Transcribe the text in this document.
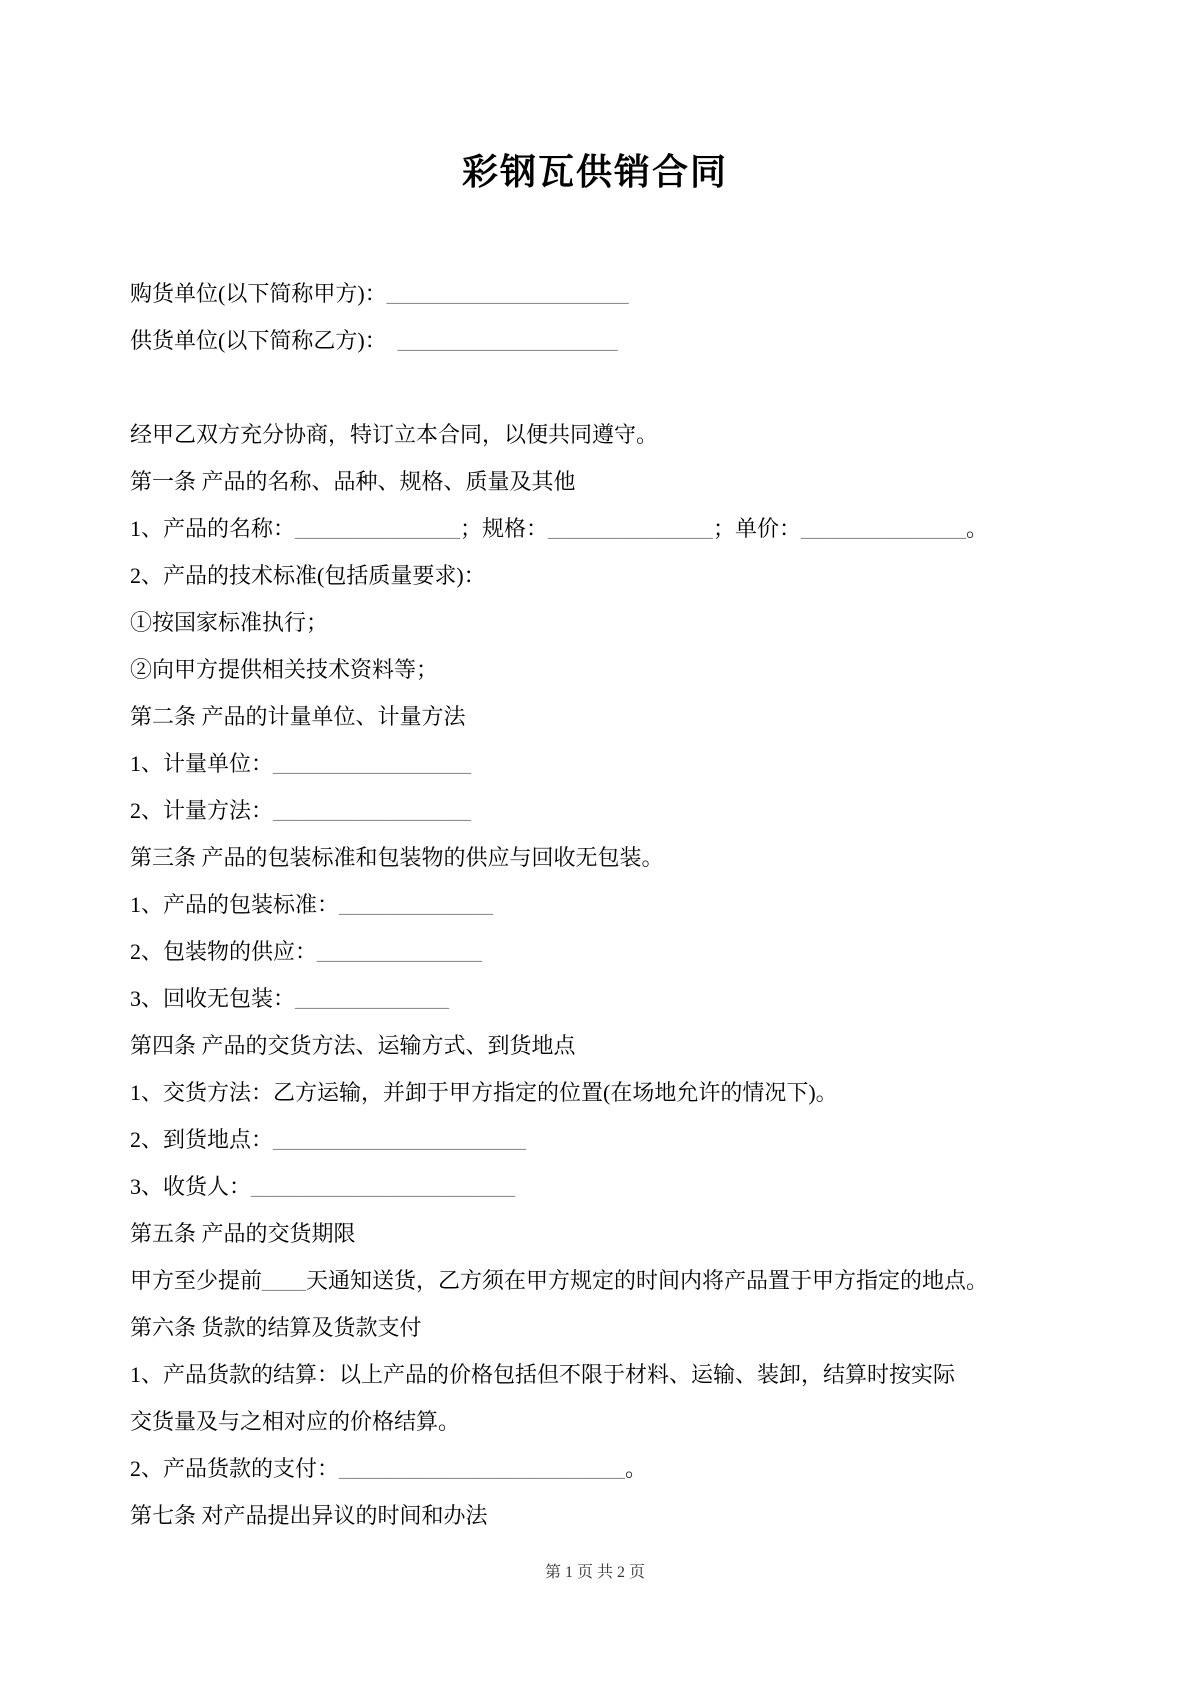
彩钢瓦供销合同
购货单位(以下简称甲方)：______________________
供货单位(以下简称乙方)：　____________________
经甲乙双方充分协商，特订立本合同，以便共同遵守。
第一条 产品的名称、品种、规格、质量及其他
1、产品的名称：_______________；规格：_______________；单价：_______________。
2、产品的技术标准(包括质量要求)：
①按国家标准执行；
②向甲方提供相关技术资料等；
第二条 产品的计量单位、计量方法
1、计量单位：__________________
2、计量方法：__________________
第三条 产品的包装标准和包装物的供应与回收无包装。
1、产品的包装标准：______________
2、包装物的供应：_______________
3、回收无包装：______________
第四条 产品的交货方法、运输方式、到货地点
1、交货方法：乙方运输，并卸于甲方指定的位置(在场地允许的情况下)。
2、到货地点：_______________________
3、收货人：________________________
第五条 产品的交货期限
甲方至少提前____天通知送货，乙方须在甲方规定的时间内将产品置于甲方指定的地点。
第六条 货款的结算及货款支付
1、产品货款的结算：以上产品的价格包括但不限于材料、运输、装卸，结算时按实际
交货量及与之相对应的价格结算。
2、产品货款的支付：__________________________。
第七条 对产品提出异议的时间和办法
第 1 页 共 2 页
